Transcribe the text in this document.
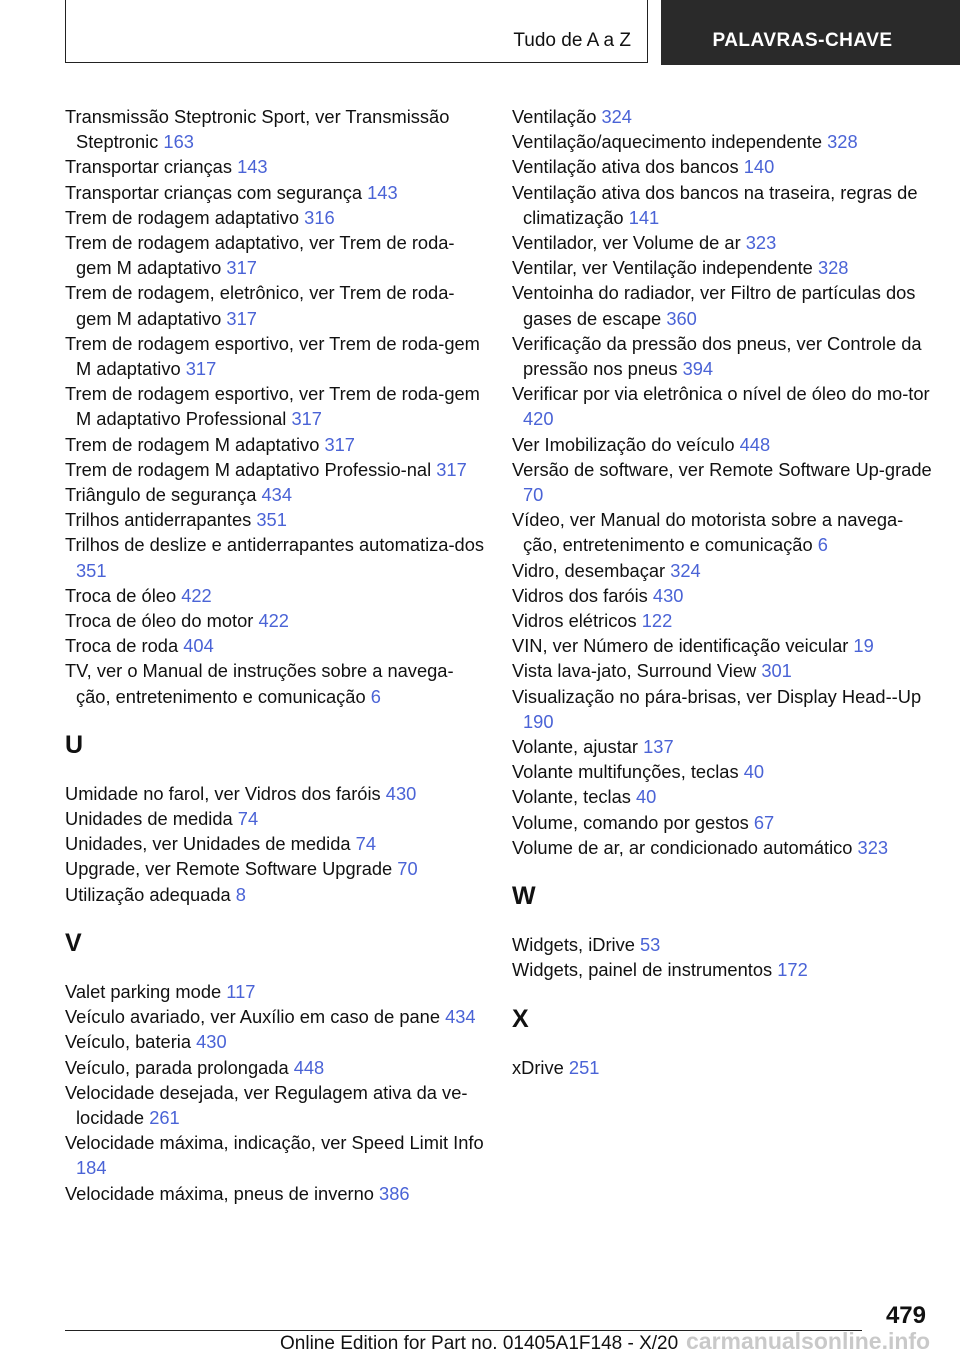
Tudo de A a Z	PALAVRAS-CHAVE
Transmissão Steptronic Sport, ver Transmissão Steptronic 163
Transportar crianças 143
Transportar crianças com segurança 143
Trem de rodagem adaptativo 316
Trem de rodagem adaptativo, ver Trem de roda‐gem M adaptativo 317
Trem de rodagem, eletrônico, ver Trem de roda‐gem M adaptativo 317
Trem de rodagem esportivo, ver Trem de roda‐gem M adaptativo 317
Trem de rodagem esportivo, ver Trem de roda‐gem M adaptativo Professional 317
Trem de rodagem M adaptativo 317
Trem de rodagem M adaptativo Professio‐nal 317
Triângulo de segurança 434
Trilhos antiderrapantes 351
Trilhos de deslize e antiderrapantes automatiza‐dos 351
Troca de óleo 422
Troca de óleo do motor 422
Troca de roda 404
TV, ver o Manual de instruções sobre a navega‐ção, entretenimento e comunicação 6
U
Umidade no farol, ver Vidros dos faróis 430
Unidades de medida 74
Unidades, ver Unidades de medida 74
Upgrade, ver Remote Software Upgrade 70
Utilização adequada 8
V
Valet parking mode 117
Veículo avariado, ver Auxílio em caso de pane 434
Veículo, bateria 430
Veículo, parada prolongada 448
Velocidade desejada, ver Regulagem ativa da ve‐locidade 261
Velocidade máxima, indicação, ver Speed Limit Info 184
Velocidade máxima, pneus de inverno 386
Ventilação 324
Ventilação/aquecimento independente 328
Ventilação ativa dos bancos 140
Ventilação ativa dos bancos na traseira, regras de climatização 141
Ventilador, ver Volume de ar 323
Ventilar, ver Ventilação independente 328
Ventoinha do radiador, ver Filtro de partículas dos gases de escape 360
Verificação da pressão dos pneus, ver Controle da pressão nos pneus 394
Verificar por via eletrônica o nível de óleo do mo‐tor 420
Ver Imobilização do veículo 448
Versão de software, ver Remote Software Up‐grade 70
Vídeo, ver Manual do motorista sobre a navega‐ção, entretenimento e comunicação 6
Vidro, desembaçar 324
Vidros dos faróis 430
Vidros elétricos 122
VIN, ver Número de identificação veicular 19
Vista lava-jato, Surround View 301
Visualização no pára-brisas, ver Display Head‐-Up 190
Volante, ajustar 137
Volante multifunções, teclas 40
Volante, teclas 40
Volume, comando por gestos 67
Volume de ar, ar condicionado automático 323
W
Widgets, iDrive 53
Widgets, painel de instrumentos 172
X
xDrive 251
479
Online Edition for Part no. 01405A1F148 - X/20 carmanualsonline.info
